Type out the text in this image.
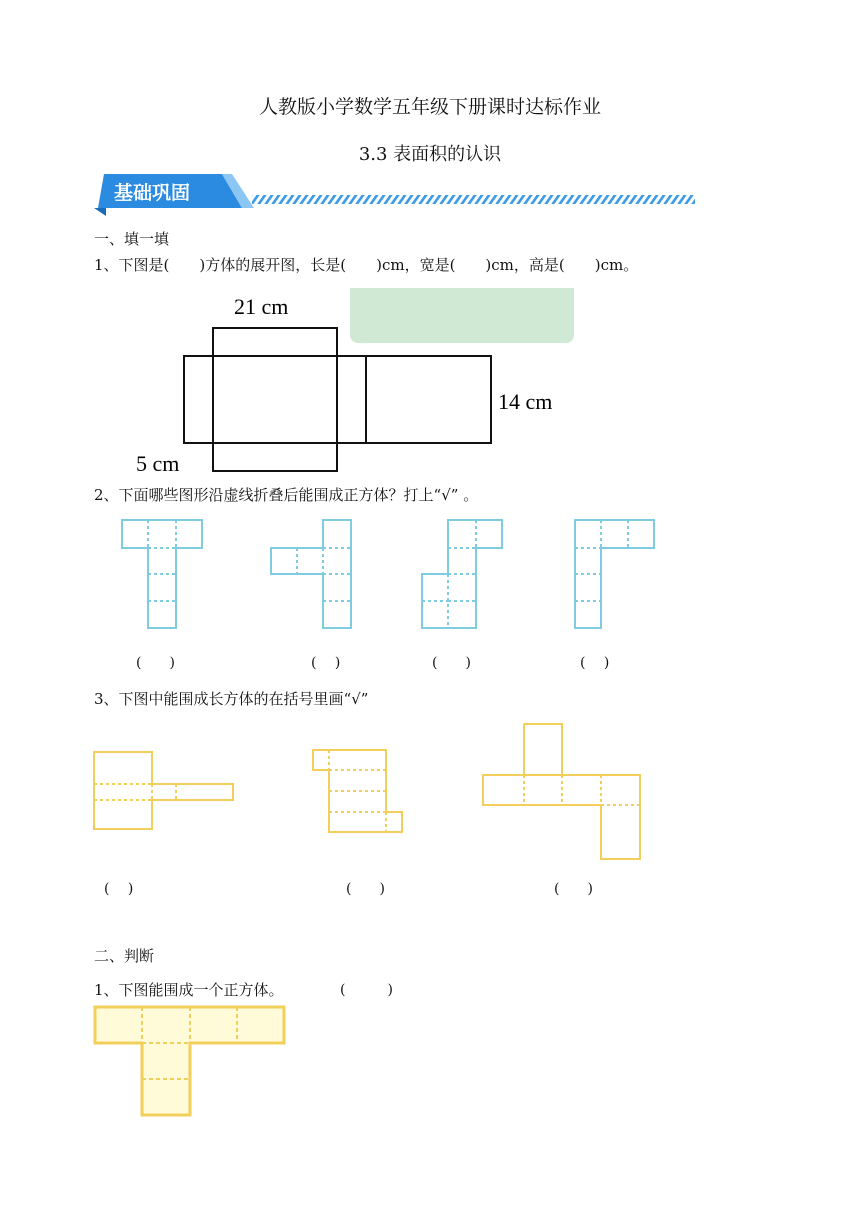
人教版小学数学五年级下册课时达标作业
3.3 表面积的认识
基础巩固
一、填一填
1、下图是(　　)方体的展开图，长是(　　)cm，宽是(　　)cm，高是(　　)cm。
21 cm
14 cm
5 cm
2、下面哪些图形沿虚线折叠后能围成正方体？打上“√” 。
(　　)	(　 )	(　　)	(　 )
3、下图中能围成长方体的在括号里画“√”
(　 )	(　　)	(　　)
二、判断
1、下图能围成一个正方体。	(　　　)
